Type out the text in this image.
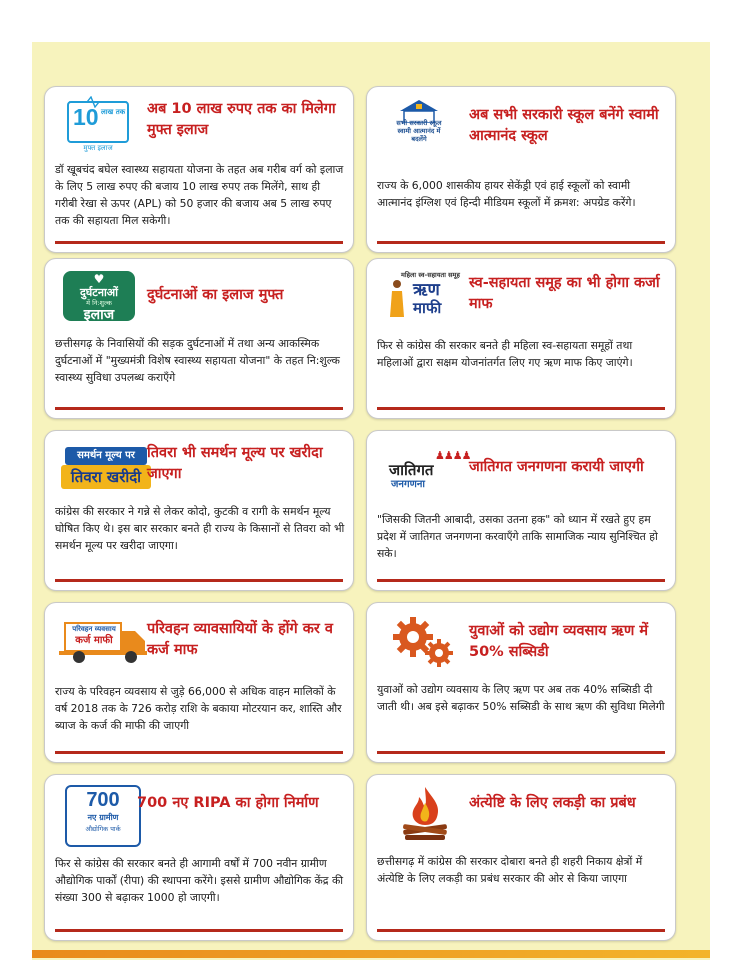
10 लाख तक
मुफ्त इलाज
अब 10 लाख रुपए तक का मिलेगा मुफ्त इलाज
डॉ खूबचंद बघेल स्वास्थ्य सहायता योजना के तहत अब गरीब वर्ग को इलाज के लिए 5 लाख रुपए की बजाय 10 लाख रुपए तक मिलेंगे, साथ ही गरीबी रेखा से ऊपर (APL) को 50 हजार की बजाय अब 5 लाख रुपए तक की सहायता मिल सकेगी।
सभी सरकारी स्कूल स्वामी आत्मानंद में बदलेंगे
अब सभी सरकारी स्कूल बनेंगे स्वामी आत्मानंद स्कूल
राज्य के 6,000 शासकीय हायर सेकेंड्री एवं हाई स्कूलों को स्वामी आत्मानंद इंग्लिश एवं हिन्दी मीडियम स्कूलों में क्रमश: अपग्रेड करेंगे।
♥
दुर्घटनाओं
में नि:शुल्क
इलाज
दुर्घटनाओं का इलाज मुफ्त
छत्तीसगढ़ के निवासियों की सड़क दुर्घटनाओं में तथा अन्य आकस्मिक दुर्घटनाओं में "मुख्यमंत्री विशेष स्वास्थ्य सहायता योजना" के तहत नि:शुल्क स्वास्थ्य सुविधा उपलब्ध कराएँगे
महिला स्व-सहायता समूह
ऋण
माफी
स्व-सहायता समूह का भी होगा कर्जा माफ
फिर से कांग्रेस की सरकार बनते ही महिला स्व-सहायता समूहों तथा महिलाओं द्वारा सक्षम योजनांतर्गत लिए गए ऋण माफ किए जाएंगे।
समर्थन मूल्य पर
तिवरा खरीदी
तिवरा भी समर्थन मूल्य पर खरीदा जाएगा
कांग्रेस की सरकार ने गन्ने से लेकर कोदो, कुटकी व रागी के समर्थन मूल्य घोषित किए थे। इस बार सरकार बनते ही राज्य के किसानों से तिवरा को भी समर्थन मूल्य पर खरीदा जाएगा।
♟♟♟♟
जातिगत
जनगणना
जातिगत जनगणना करायी जाएगी
"जिसकी जितनी आबादी, उसका उतना हक" को ध्यान में रखते हुए हम प्रदेश में जातिगत जनगणना करवाएँगे ताकि सामाजिक न्याय सुनिश्चित हो सके।
परिवहन व्यवसाय
कर्ज माफी
परिवहन व्यावसायियों के होंगे कर व कर्ज माफ
राज्य के परिवहन व्यवसाय से जुड़े 66,000 से अधिक वाहन मालिकों के वर्ष 2018 तक के 726 करोड़ राशि के बकाया मोटरयान कर, शास्ति और ब्याज के कर्ज की माफी की जाएगी
युवाओं को उद्योग व्यवसाय ऋण में 50% सब्सिडी
युवाओं को उद्योग व्यवसाय के लिए ऋण पर अब तक 40% सब्सिडी दी जाती थी। अब इसे बढ़ाकर 50% सब्सिडी के साथ ऋण की सुविधा मिलेगी
700
नए ग्रामीण
औद्योगिक पार्क
700 नए RIPA का होगा निर्माण
फिर से कांग्रेस की सरकार बनते ही आगामी वर्षों में 700 नवीन ग्रामीण औद्योगिक पार्कों (रीपा) की स्थापना करेंगे। इससे ग्रामीण औद्योगिक केंद्र की संख्या 300 से बढ़ाकर 1000 हो जाएगी।
अंत्येष्टि के लिए लकड़ी का प्रबंध
छत्तीसगढ़ में कांग्रेस की सरकार दोबारा बनते ही शहरी निकाय क्षेत्रों में अंत्येष्टि के लिए लकड़ी का प्रबंध सरकार की ओर से किया जाएगा
